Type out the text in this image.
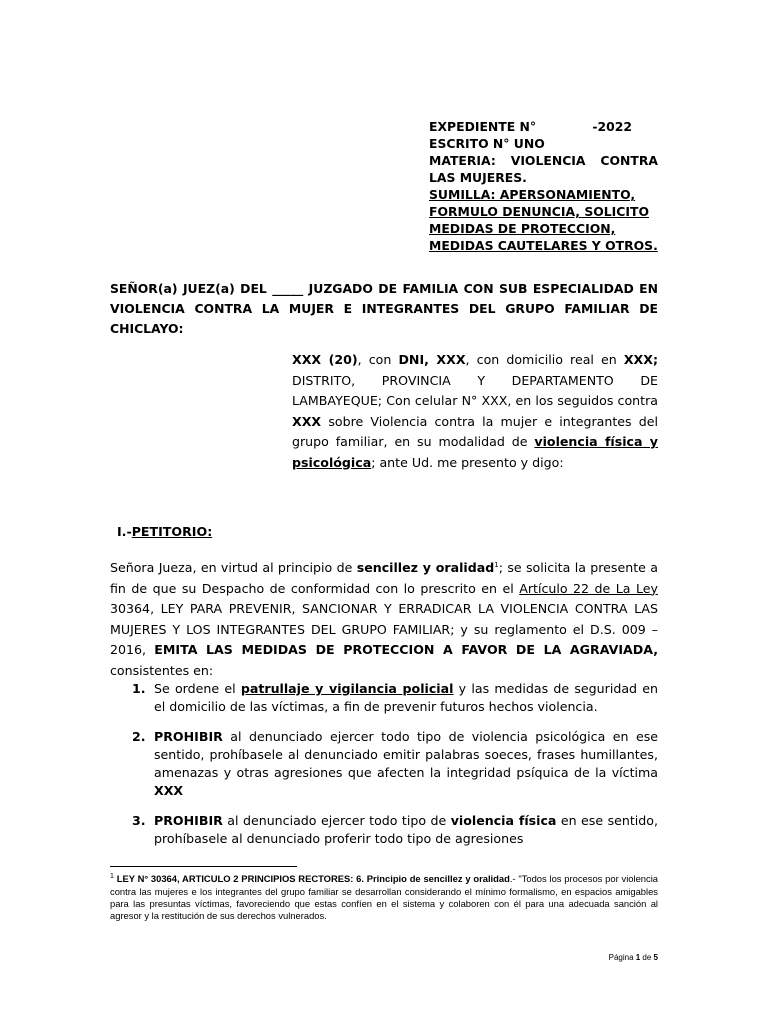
EXPEDIENTE N°	-2022
ESCRITO N° UNO
MATERIA: VIOLENCIA CONTRA
LAS MUJERES.
SUMILLA: APERSONAMIENTO,
FORMULO DENUNCIA, SOLICITO
MEDIDAS DE PROTECCION,
MEDIDAS CAUTELARES Y OTROS.

SEÑOR(a) JUEZ(a) DEL _____ JUZGADO DE FAMILIA CON SUB ESPECIALIDAD EN VIOLENCIA CONTRA LA MUJER E INTEGRANTES DEL GRUPO FAMILIAR DE CHICLAYO:

XXX (20), con DNI, XXX, con domicilio real en XXX; DISTRITO, PROVINCIA Y DEPARTAMENTO DE LAMBAYEQUE; Con celular N° XXX, en los seguidos contra XXX sobre Violencia contra la mujer e integrantes del grupo familiar, en su modalidad de violencia física y psicológica; ante Ud. me presento y digo:

I.-PETITORIO:

Señora Jueza, en virtud al principio de sencillez y oralidad$^1$; se solicita la presente a fin de que su Despacho de conformidad con lo prescrito en el Artículo 22 de La Ley 30364, LEY PARA PREVENIR, SANCIONAR Y ERRADICAR LA VIOLENCIA CONTRA LAS MUJERES Y LOS INTEGRANTES DEL GRUPO FAMILIAR; y su reglamento el D.S. 009 – 2016, EMITA LAS MEDIDAS DE PROTECCION A FAVOR DE LA AGRAVIADA, consistentes en:

1. Se ordene el patrullaje y vigilancia policial y las medidas de seguridad en el domicilio de las víctimas, a fin de prevenir futuros hechos violencia.
2. PROHIBIR al denunciado ejercer todo tipo de violencia psicológica en ese sentido, prohíbasele al denunciado emitir palabras soeces, frases humillantes, amenazas y otras agresiones que afecten la integridad psíquica de la víctima XXX
3. PROHIBIR al denunciado ejercer todo tipo de violencia física en ese sentido, prohíbasele al denunciado proferir todo tipo de agresiones

$^1$ LEY N° 30364, ARTICULO 2 PRINCIPIOS RECTORES: 6. Principio de sencillez y oralidad.- "Todos los procesos por violencia contra las mujeres e los integrantes del grupo familiar se desarrollan considerando el mínimo formalismo, en espacios amigables para las presuntas víctimas, favoreciendo que estas confíen en el sistema y colaboren con él para una adecuada sanción al agresor y la restitución de sus derechos vulnerados.

Página 1 de 5
